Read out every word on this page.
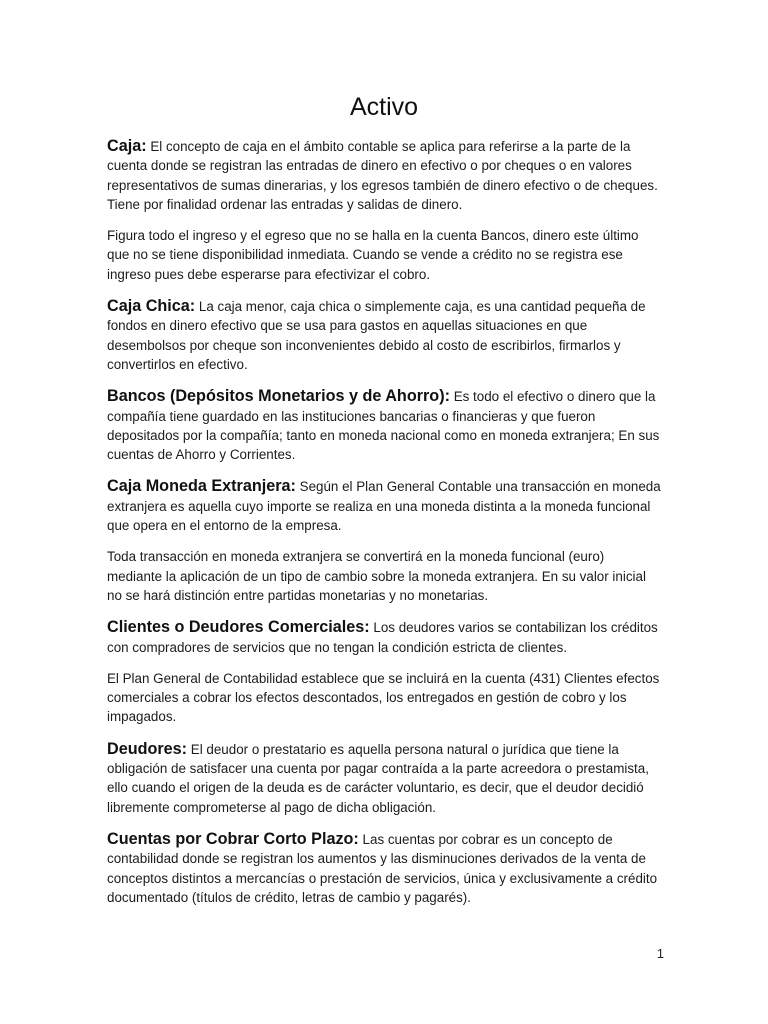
Activo

Caja: El concepto de caja en el ámbito contable se aplica para referirse a la parte de la cuenta donde se registran las entradas de dinero en efectivo o por cheques o en valores representativos de sumas dinerarias, y los egresos también de dinero efectivo o de cheques. Tiene por finalidad ordenar las entradas y salidas de dinero.

Figura todo el ingreso y el egreso que no se halla en la cuenta Bancos, dinero este último que no se tiene disponibilidad inmediata. Cuando se vende a crédito no se registra ese ingreso pues debe esperarse para efectivizar el cobro.

Caja Chica: La caja menor, caja chica o simplemente caja, es una cantidad pequeña de fondos en dinero efectivo que se usa para gastos en aquellas situaciones en que desembolsos por cheque son inconvenientes debido al costo de escribirlos, firmarlos y convertirlos en efectivo.

Bancos (Depósitos Monetarios y de Ahorro): Es todo el efectivo o dinero que la compañía tiene guardado en las instituciones bancarias o financieras y que fueron depositados por la compañía; tanto en moneda nacional como en moneda extranjera; En sus cuentas de Ahorro y Corrientes.

Caja Moneda Extranjera: Según el Plan General Contable una transacción en moneda extranjera es aquella cuyo importe se realiza en una moneda distinta a la moneda funcional que opera en el entorno de la empresa.

Toda transacción en moneda extranjera se convertirá en la moneda funcional (euro) mediante la aplicación de un tipo de cambio sobre la moneda extranjera. En su valor inicial no se hará distinción entre partidas monetarias y no monetarias.

Clientes o Deudores Comerciales: Los deudores varios se contabilizan los créditos con compradores de servicios que no tengan la condición estricta de clientes.

El Plan General de Contabilidad establece que se incluirá en la cuenta (431) Clientes efectos comerciales a cobrar los efectos descontados, los entregados en gestión de cobro y los impagados.

Deudores: El deudor o prestatario es aquella persona natural o jurídica que tiene la obligación de satisfacer una cuenta por pagar contraída a la parte acreedora o prestamista, ello cuando el origen de la deuda es de carácter voluntario, es decir, que el deudor decidió libremente comprometerse al pago de dicha obligación.

Cuentas por Cobrar Corto Plazo: Las cuentas por cobrar es un concepto de contabilidad donde se registran los aumentos y las disminuciones derivados de la venta de conceptos distintos a mercancías o prestación de servicios, única y exclusivamente a crédito documentado (títulos de crédito, letras de cambio y pagarés).

1
